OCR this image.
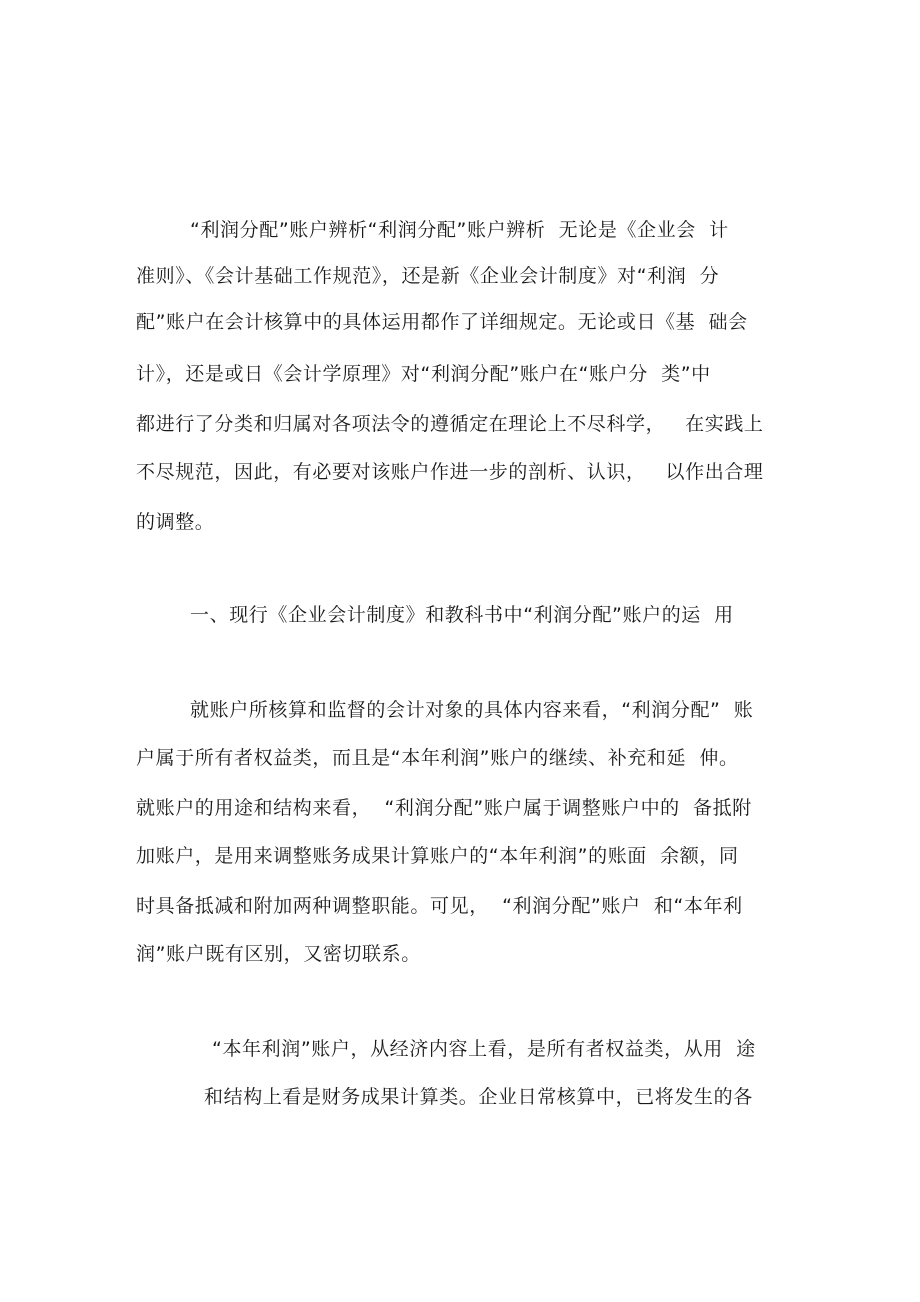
“利润分配”账户辨析“利润分配”账户辨析  无论是《企业会  计
准则》、《会计基础工作规范》，还是新《企业会计制度》对“利润  分
配”账户在会计核算中的具体运用都作了详细规定。无论或日《基  础会
计》，还是或日《会计学原理》对“利润分配”账户在“账户分  类”中
都进行了分类和归属对各项法令的遵循定在理论上不尽科学，   在实践上
不尽规范，因此，有必要对该账户作进一步的剖析、认识，   以作出合理
的调整。
一、现行《企业会计制度》和教科书中“利润分配”账户的运  用
就账户所核算和监督的会计对象的具体内容来看，“利润分配”  账
户属于所有者权益类，而且是“本年利润”账户的继续、补充和延  伸。
就账户的用途和结构来看，  “利润分配”账户属于调整账户中的  备抵附
加账户，是用来调整账务成果计算账户的“本年利润”的账面  余额，同
时具备抵减和附加两种调整职能。可见，  “利润分配”账户  和“本年利
润”账户既有区别，又密切联系。
“本年利润”账户，从经济内容上看，是所有者权益类，从用  途
和结构上看是财务成果计算类。企业日常核算中，已将发生的各
